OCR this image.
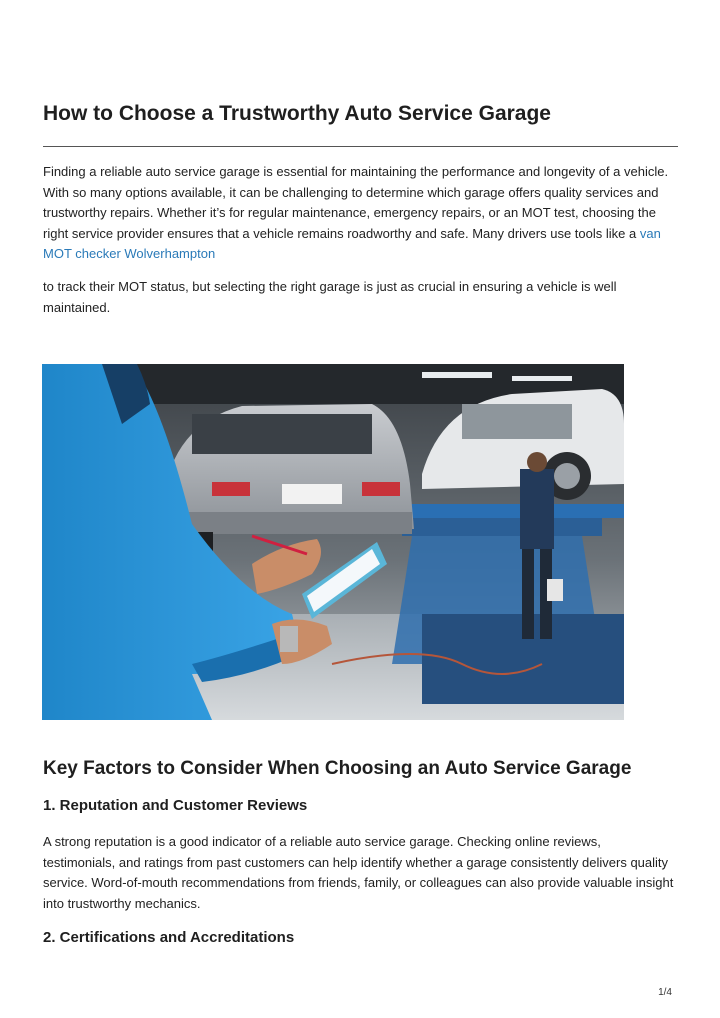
How to Choose a Trustworthy Auto Service Garage

Finding a reliable auto service garage is essential for maintaining the performance and longevity of a vehicle. With so many options available, it can be challenging to determine which garage offers quality services and trustworthy repairs. Whether it’s for regular maintenance, emergency repairs, or an MOT test, choosing the right service provider ensures that a vehicle remains roadworthy and safe. Many drivers use tools like a van MOT checker Wolverhampton

to track their MOT status, but selecting the right garage is just as crucial in ensuring a vehicle is well maintained.

Key Factors to Consider When Choosing an Auto Service Garage
1. Reputation and Customer Reviews

A strong reputation is a good indicator of a reliable auto service garage. Checking online reviews, testimonials, and ratings from past customers can help identify whether a garage consistently delivers quality service. Word-of-mouth recommendations from friends, family, or colleagues can also provide valuable insight into trustworthy mechanics.

2. Certifications and Accreditations
1/4
